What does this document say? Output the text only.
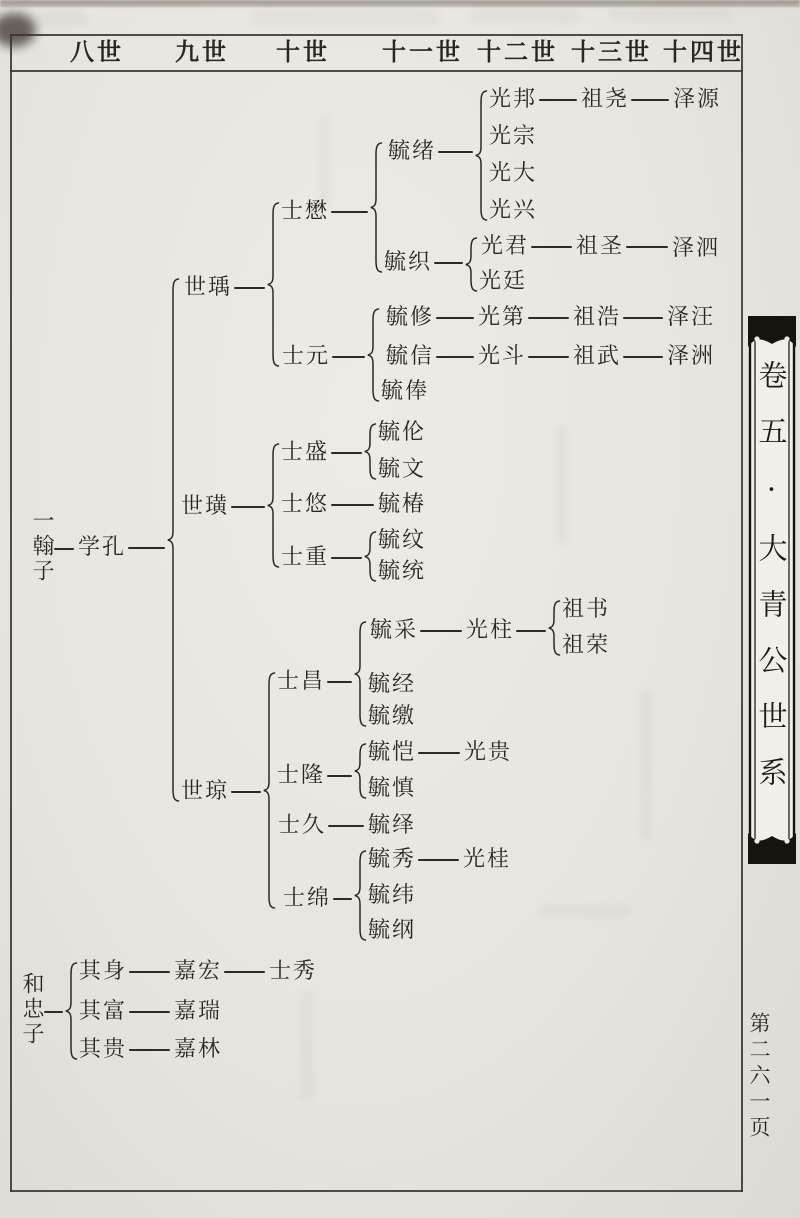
八世 九世 十世 十一世 十二世 十三世 十四世
一翰子 学孔
世瑀
士懋
毓绪
光邦 祖尧 泽源
光宗
光大
光兴
毓织
光君 祖圣 泽泗
光廷
士元
毓修 光第 祖浩 泽汪
毓信 光斗 祖武 泽洲
毓俸
世璜
士盛
毓伦
毓文
士悠 毓椿
士重
毓纹
毓统
世琼
士昌
毓采 光柱
祖书
祖荣
毓经
毓缴
士隆
毓恺 光贵
毓慎
士久 毓绎
士绵
毓秀 光桂
毓纬
毓纲
和忠子
其身 嘉宏 士秀
其富 嘉瑞
其贵 嘉林
卷五·大青公世系
第二六一页
